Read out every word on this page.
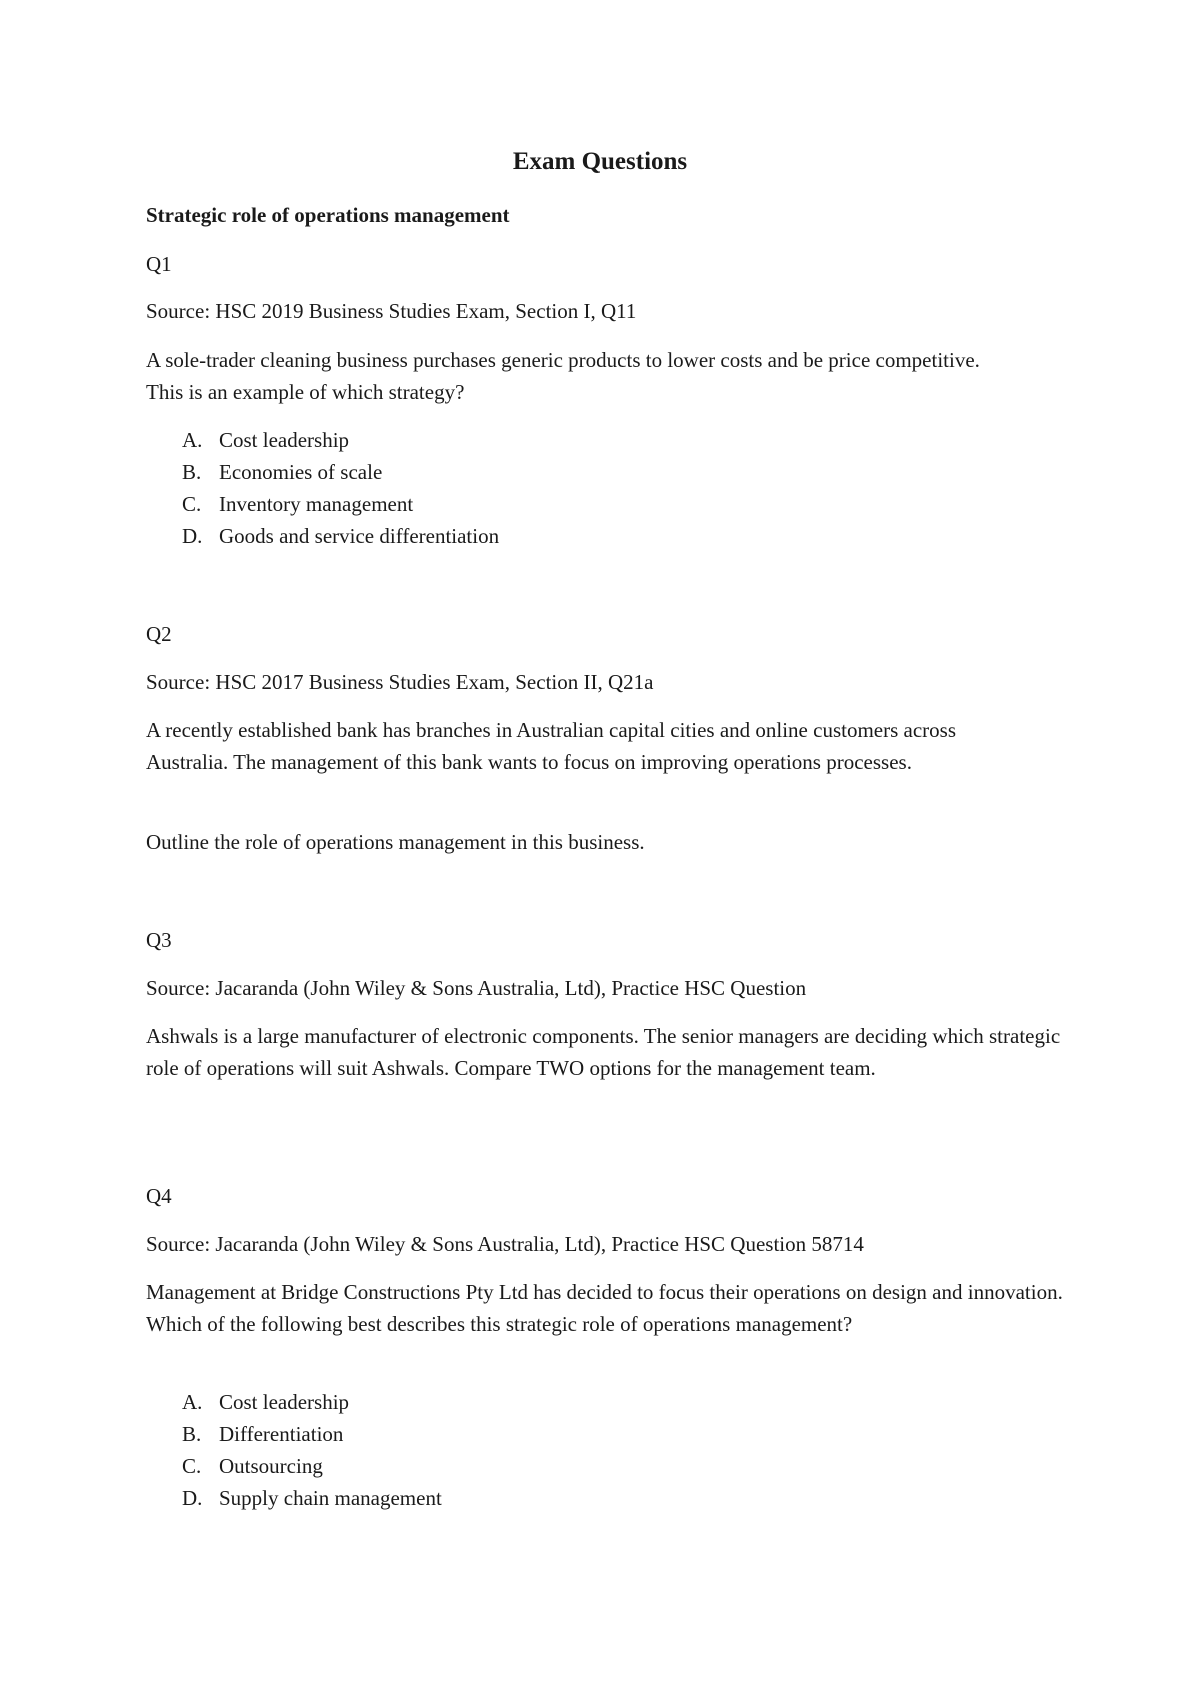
Exam Questions
Strategic role of operations management
Q1
Source: HSC 2019 Business Studies Exam, Section I, Q11
A sole-trader cleaning business purchases generic products to lower costs and be price competitive. This is an example of which strategy?
A. Cost leadership
B. Economies of scale
C. Inventory management
D. Goods and service differentiation
Q2
Source: HSC 2017 Business Studies Exam, Section II, Q21a
A recently established bank has branches in Australian capital cities and online customers across Australia. The management of this bank wants to focus on improving operations processes.
Outline the role of operations management in this business.
Q3
Source: Jacaranda (John Wiley & Sons Australia, Ltd), Practice HSC Question
Ashwals is a large manufacturer of electronic components. The senior managers are deciding which strategic role of operations will suit Ashwals. Compare TWO options for the management team.
Q4
Source: Jacaranda (John Wiley & Sons Australia, Ltd), Practice HSC Question 58714
Management at Bridge Constructions Pty Ltd has decided to focus their operations on design and innovation. Which of the following best describes this strategic role of operations management?
A. Cost leadership
B. Differentiation
C. Outsourcing
D. Supply chain management
